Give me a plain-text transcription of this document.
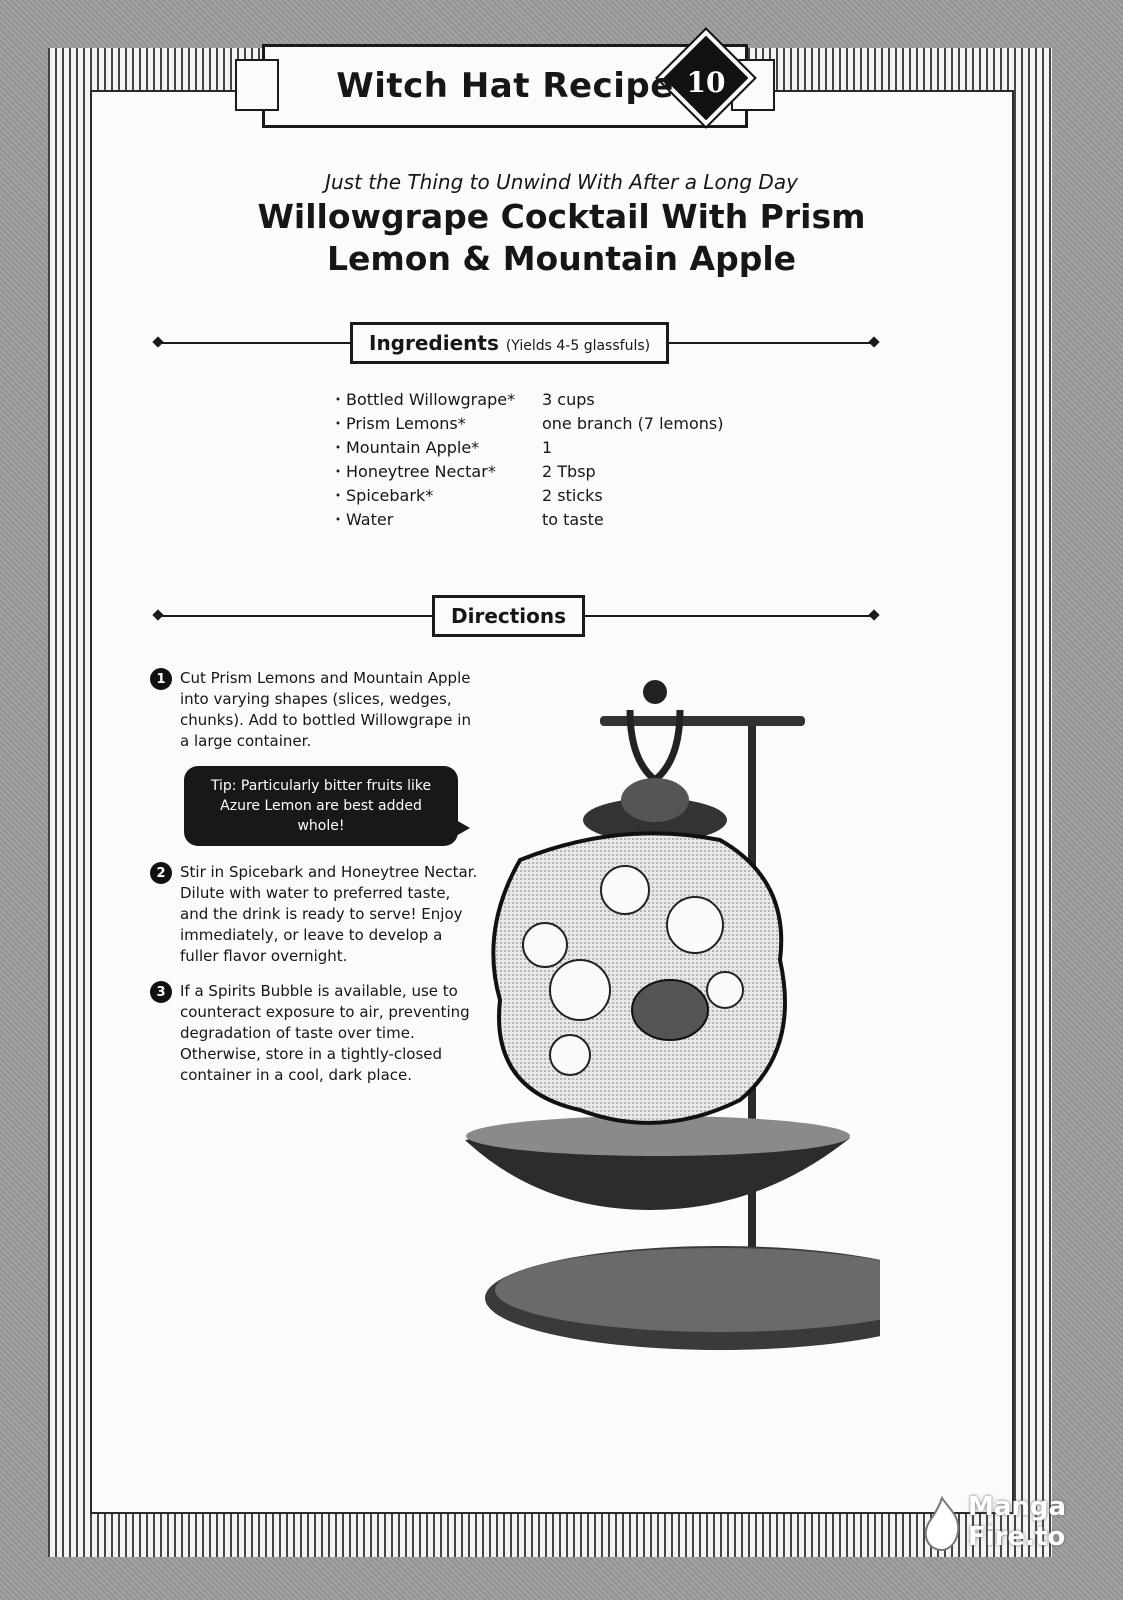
Witch Hat Recipe 10
Just the Thing to Unwind With After a Long Day
Willowgrape Cocktail With Prism
Lemon & Mountain Apple
Ingredients (Yields 4-5 glassfuls)
・Bottled Willowgrape*	3 cups
・Prism Lemons*	one branch (7 lemons)
・Mountain Apple*	1
・Honeytree Nectar*	2 Tbsp
・Spicebark*	2 sticks
・Water	to taste
Directions
1 Cut Prism Lemons and Mountain Apple into varying shapes (slices, wedges, chunks). Add to bottled Willowgrape in a large container.
Tip: Particularly bitter fruits like Azure Lemon are best added whole!
2 Stir in Spicebark and Honeytree Nectar. Dilute with water to preferred taste, and the drink is ready to serve! Enjoy immediately, or leave to develop a fuller flavor overnight.
3 If a Spirits Bubble is available, use to counteract exposure to air, preventing degradation of taste over time. Otherwise, store in a tightly-closed container in a cool, dark place.
Manga
Fire.to
